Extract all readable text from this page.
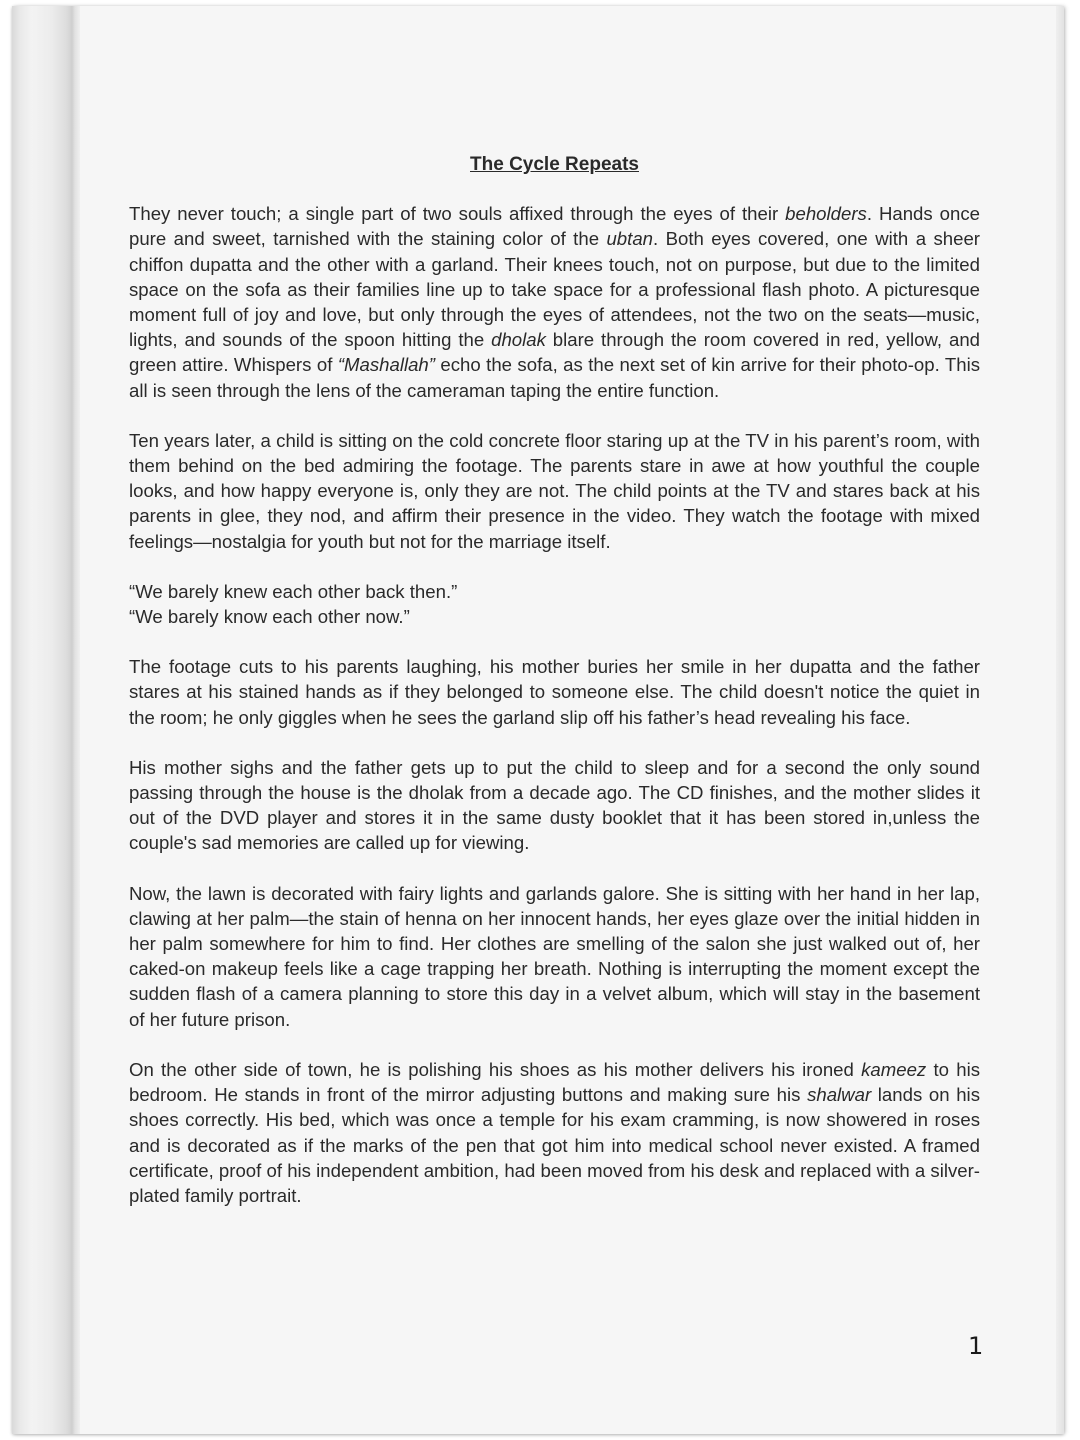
The Cycle Repeats

They never touch; a single part of two souls affixed through the eyes of their beholders. Hands once pure and sweet, tarnished with the staining color of the ubtan. Both eyes covered, one with a sheer chiffon dupatta and the other with a garland. Their knees touch, not on purpose, but due to the limited space on the sofa as their families line up to take space for a professional flash photo. A picturesque moment full of joy and love, but only through the eyes of attendees, not the two on the seats—music, lights, and sounds of the spoon hitting the dholak blare through the room covered in red, yellow, and green attire. Whispers of “Mashallah” echo the sofa, as the next set of kin arrive for their photo-op. This all is seen through the lens of the cameraman taping the entire function.

Ten years later, a child is sitting on the cold concrete floor staring up at the TV in his parent’s room, with them behind on the bed admiring the footage. The parents stare in awe at how youthful the couple looks, and how happy everyone is, only they are not. The child points at the TV and stares back at his parents in glee, they nod, and affirm their presence in the video. They watch the footage with mixed feelings—nostalgia for youth but not for the marriage itself.

“We barely knew each other back then.”
“We barely know each other now.”

The footage cuts to his parents laughing, his mother buries her smile in her dupatta and the father stares at his stained hands as if they belonged to someone else. The child doesn't notice the quiet in the room; he only giggles when he sees the garland slip off his father’s head revealing his face.

His mother sighs and the father gets up to put the child to sleep and for a second the only sound passing through the house is the dholak from a decade ago. The CD finishes, and the mother slides it out of the DVD player and stores it in the same dusty booklet that it has been stored in,unless the couple's sad memories are called up for viewing.

Now, the lawn is decorated with fairy lights and garlands galore. She is sitting with her hand in her lap, clawing at her palm—the stain of henna on her innocent hands, her eyes glaze over the initial hidden in her palm somewhere for him to find. Her clothes are smelling of the salon she just walked out of, her caked-on makeup feels like a cage trapping her breath. Nothing is interrupting the moment except the sudden flash of a camera planning to store this day in a velvet album, which will stay in the basement of her future prison.

On the other side of town, he is polishing his shoes as his mother delivers his ironed kameez to his bedroom. He stands in front of the mirror adjusting buttons and making sure his shalwar lands on his shoes correctly. His bed, which was once a temple for his exam cramming, is now showered in roses and is decorated as if the marks of the pen that got him into medical school never existed. A framed certificate, proof of his independent ambition, had been moved from his desk and replaced with a silver-plated family portrait.

1
